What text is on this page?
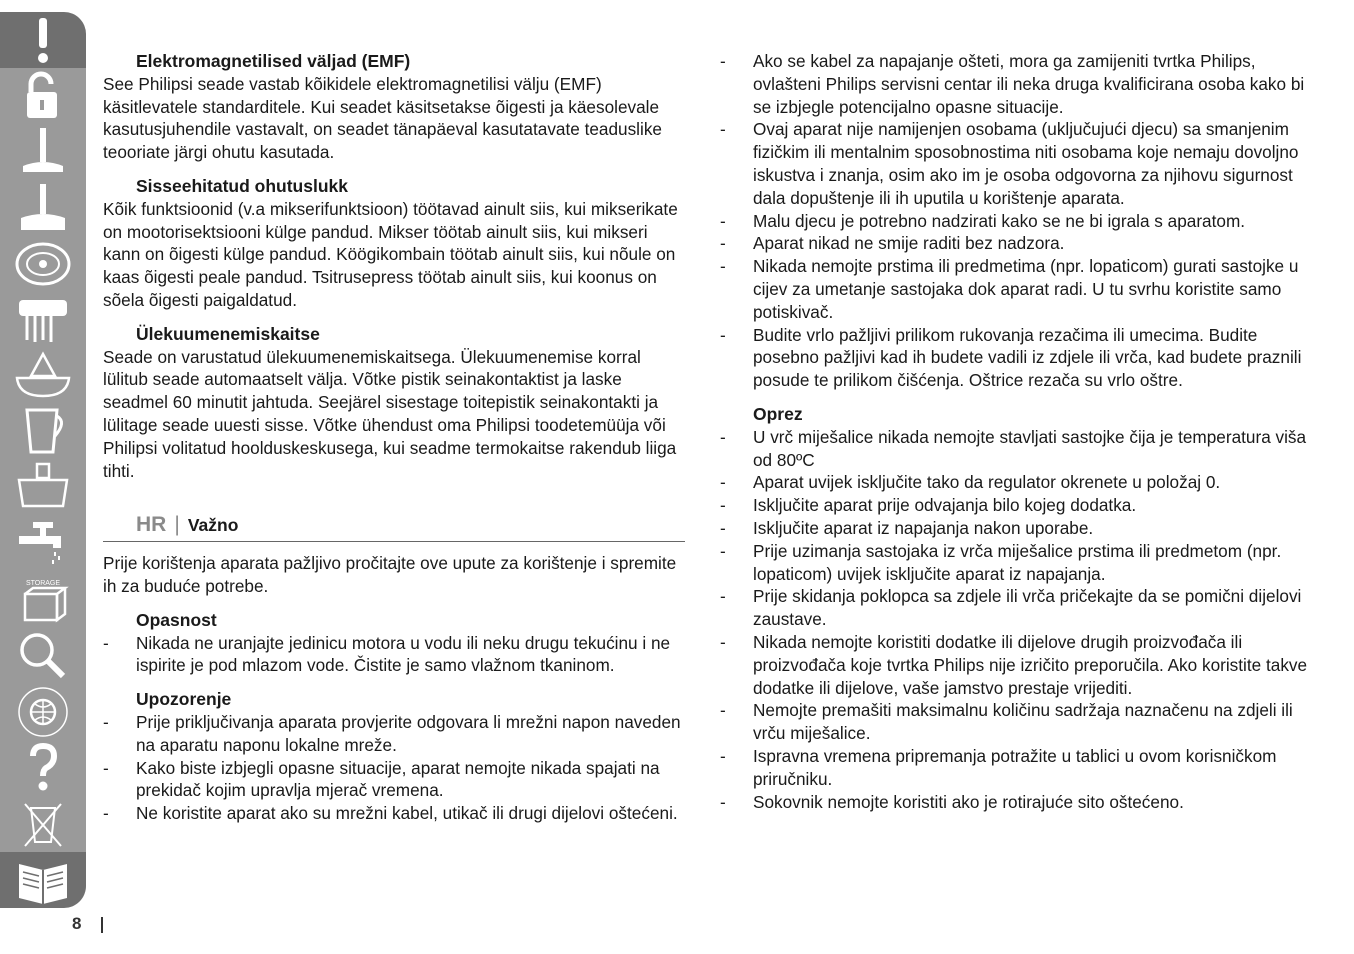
STORAGE
Elektromagnetilised väljad (EMF)
See Philipsi seade vastab kõikidele elektromagnetilisi välju (EMF) käsitlevatele standarditele. Kui seadet käsitsetakse õigesti ja käesolevale kasutusjuhendile vastavalt, on seadet tänapäeval kasutatavate teaduslike teooriate järgi ohutu kasutada.
Sisseehitatud ohutuslukk
Kõik funktsioonid (v.a mikserifunktsioon) töötavad ainult siis, kui mikserikate on mootorisektsiooni külge pandud. Mikser töötab ainult siis, kui mikseri kann on õigesti külge pandud. Köögikombain töötab ainult siis, kui nõule on kaas õigesti peale pandud. Tsitrusepress töötab ainult siis, kui koonus on sõela õigesti paigaldatud.
Ülekuumenemiskaitse
Seade on varustatud ülekuumenemiskaitsega. Ülekuumenemise korral lülitub seade automaatselt välja. Võtke pistik seinakontaktist ja laske seadmel 60 minutit jahtuda. Seejärel sisestage toitepistik seinakontakti ja lülitage seade uuesti sisse. Võtke ühendust oma Philipsi toodetemüüja või Philipsi volitatud hoolduskeskusega, kui seadme termokaitse rakendub liiga tihti.
HR | Važno
Prije korištenja aparata pažljivo pročitajte ove upute za korištenje i spremite ih za buduće potrebe.
Opasnost
- Nikada ne uranjajte jedinicu motora u vodu ili neku drugu tekućinu i ne ispirite je pod mlazom vode. Čistite je samo vlažnom tkaninom.
Upozorenje
- Prije priključivanja aparata provjerite odgovara li mrežni napon naveden na aparatu naponu lokalne mreže.
- Kako biste izbjegli opasne situacije, aparat nemojte nikada spajati na prekidač kojim upravlja mjerač vremena.
- Ne koristite aparat ako su mrežni kabel, utikač ili drugi dijelovi oštećeni.
- Ako se kabel za napajanje ošteti, mora ga zamijeniti tvrtka Philips, ovlašteni Philips servisni centar ili neka druga kvalificirana osoba kako bi se izbjegle potencijalno opasne situacije.
- Ovaj aparat nije namijenjen osobama (uključujući djecu) sa smanjenim fizičkim ili mentalnim sposobnostima niti osobama koje nemaju dovoljno iskustva i znanja, osim ako im je osoba odgovorna za njihovu sigurnost dala dopuštenje ili ih uputila u korištenje aparata.
- Malu djecu je potrebno nadzirati kako se ne bi igrala s aparatom.
- Aparat nikad ne smije raditi bez nadzora.
- Nikada nemojte prstima ili predmetima (npr. lopaticom) gurati sastojke u cijev za umetanje sastojaka dok aparat radi. U tu svrhu koristite samo potiskivač.
- Budite vrlo pažljivi prilikom rukovanja rezačima ili umecima. Budite posebno pažljivi kad ih budete vadili iz zdjele ili vrča, kad budete praznili posude te prilikom čišćenja. Oštrice rezača su vrlo oštre.
Oprez
- U vrč miješalice nikada nemojte stavljati sastojke čija je temperatura viša od 80ºC
- Aparat uvijek isključite tako da regulator okrenete u položaj 0.
- Isključite aparat prije odvajanja bilo kojeg dodatka.
- Isključite aparat iz napajanja nakon uporabe.
- Prije uzimanja sastojaka iz vrča miješalice prstima ili predmetom (npr. lopaticom) uvijek isključite aparat iz napajanja.
- Prije skidanja poklopca sa zdjele ili vrča pričekajte da se pomični dijelovi zaustave.
- Nikada nemojte koristiti dodatke ili dijelove drugih proizvođača ili proizvođača koje tvrtka Philips nije izričito preporučila. Ako koristite takve dodatke ili dijelove, vaše jamstvo prestaje vrijediti.
- Nemojte premašiti maksimalnu količinu sadržaja naznačenu na zdjeli ili vrču miješalice.
- Ispravna vremena pripremanja potražite u tablici u ovom korisničkom priručniku.
- Sokovnik nemojte koristiti ako je rotirajuće sito oštećeno.
8
